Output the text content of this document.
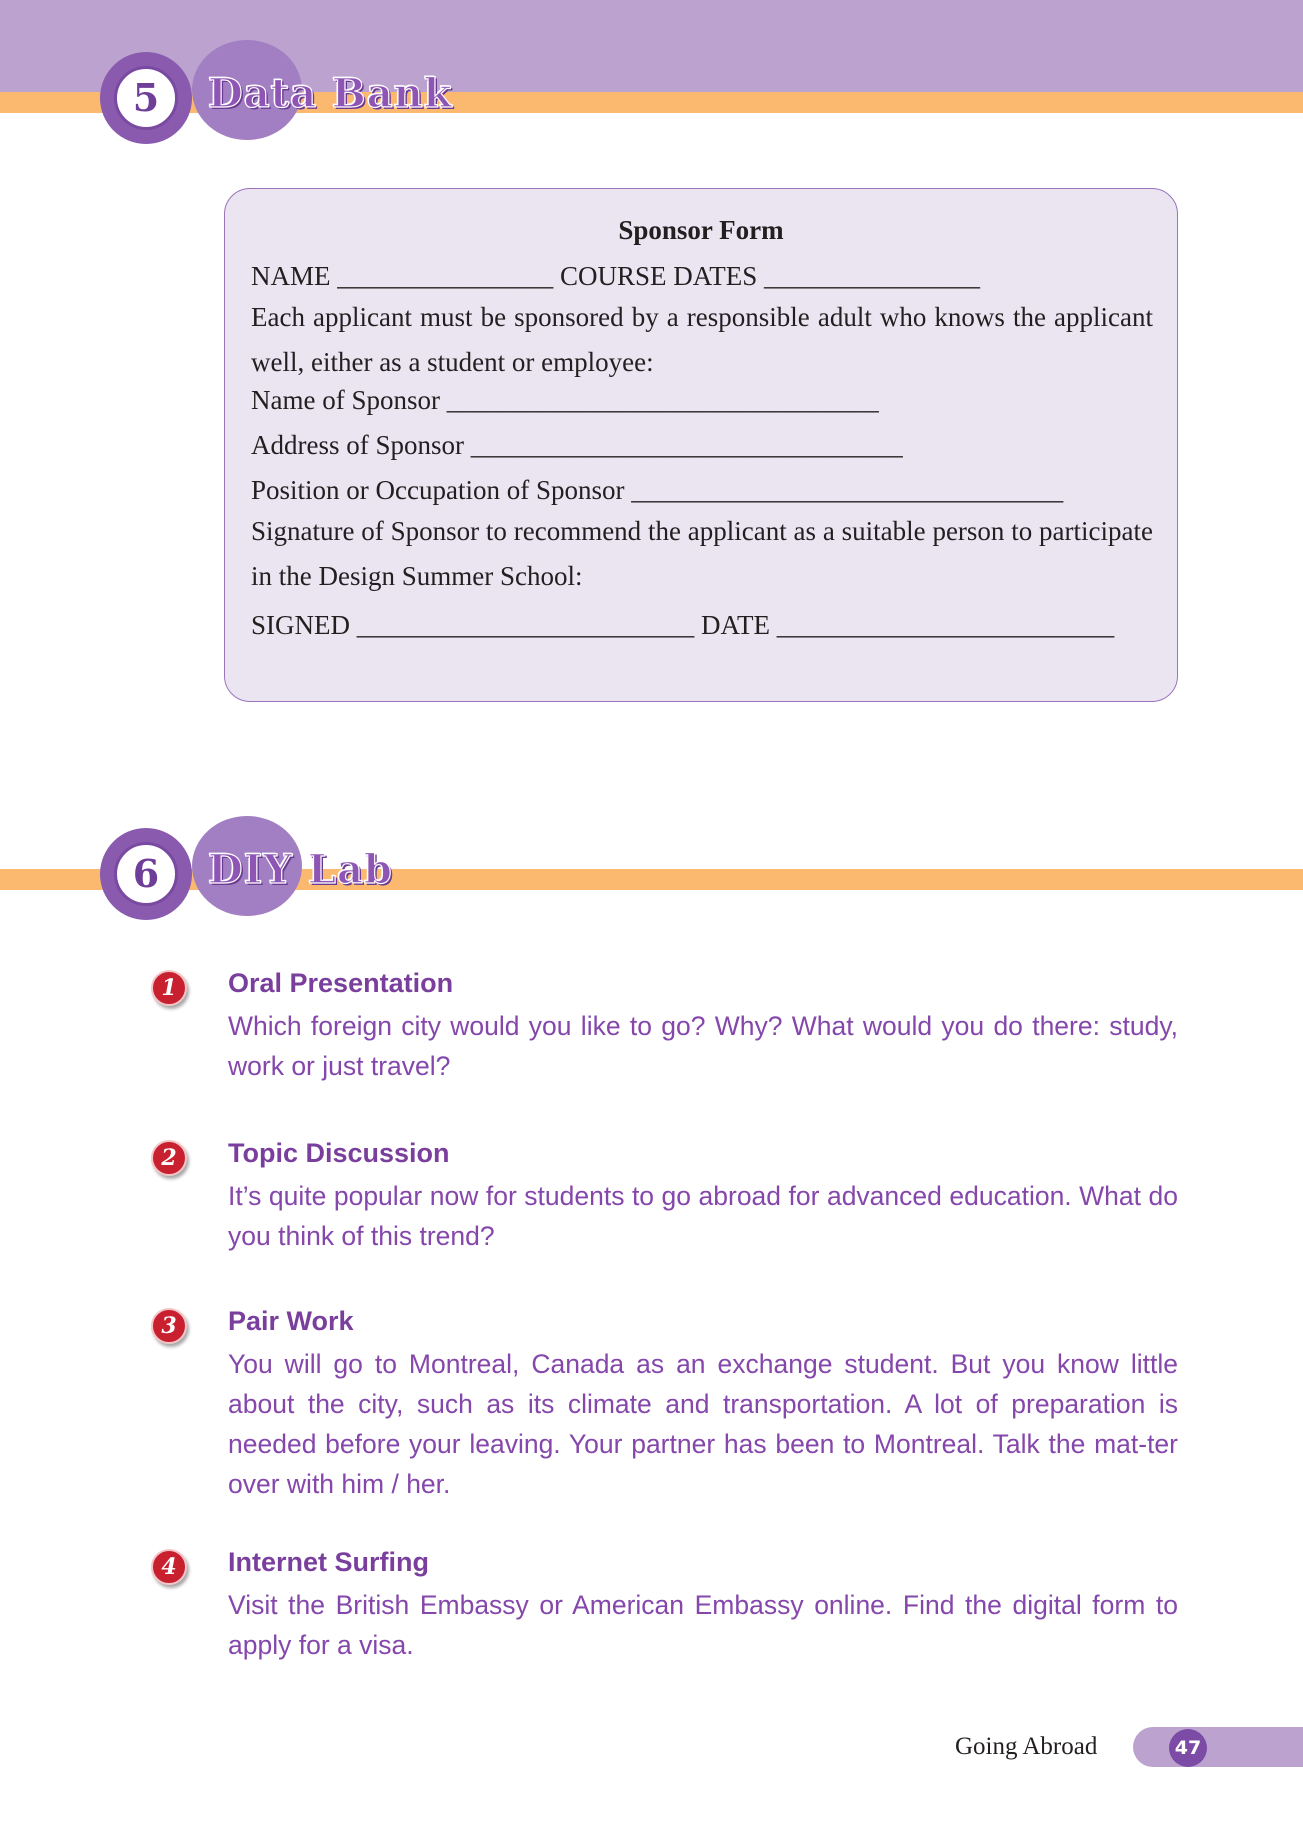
5	Data Bank
Sponsor Form
NAME ________________ COURSE DATES ________________
Each applicant must be sponsored by a responsible adult who knows the applicant well, either as a student or employee:
Name of Sponsor ________________________________
Address of Sponsor ________________________________
Position or Occupation of Sponsor ________________________________
Signature of Sponsor to recommend the applicant as a suitable person to participate in the Design Summer School:
SIGNED _________________________ DATE _________________________
6	DIY Lab
1	Oral Presentation
Which foreign city would you like to go? Why? What would you do there: study, work or just travel?
2	Topic Discussion
It’s quite popular now for students to go abroad for advanced education. What do you think of this trend?
3	Pair Work
You will go to Montreal, Canada as an exchange student. But you know little about the city, such as its climate and transportation. A lot of preparation is needed before your leaving. Your partner has been to Montreal. Talk the mat-ter over with him / her.
4	Internet Surfing
Visit the British Embassy or American Embassy online. Find the digital form to apply for a visa.
Going Abroad	47
